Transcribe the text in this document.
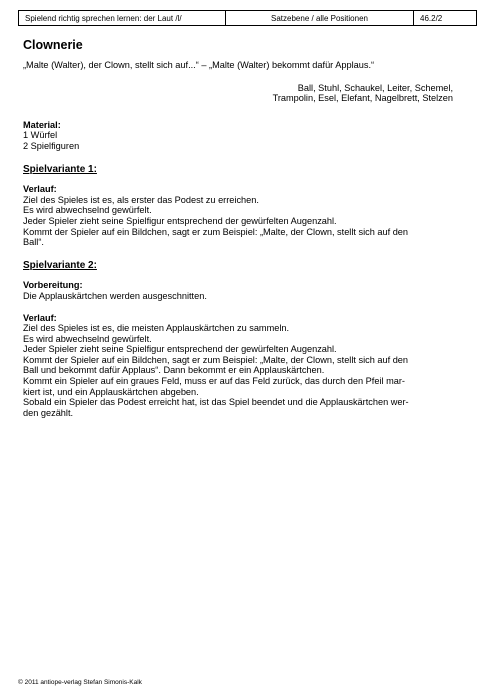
Spielend richtig sprechen lernen: der Laut /l/	Satzebene / alle Positionen	46.2/2
Clownerie

„Malte (Walter), der Clown, stellt sich auf...“ – „Malte (Walter) bekommt dafür Applaus.“

Ball, Stuhl, Schaukel, Leiter, Schemel,

Trampolin, Esel, Elefant, Nagelbrett, Stelzen

Material:

1 Würfel

2 Spielfiguren

Spielvariante 1:

Verlauf:

Ziel des Spieles ist es, als erster das Podest zu erreichen.

Es wird abwechselnd gewürfelt.

Jeder Spieler zieht seine Spielfigur entsprechend der gewürfelten Augenzahl.

Kommt der Spieler auf ein Bildchen, sagt er zum Beispiel: „Malte, der Clown, stellt sich auf den

Ball“.

Spielvariante 2:

Vorbereitung:

Die Applauskärtchen werden ausgeschnitten.

Verlauf:

Ziel des Spieles ist es, die meisten Applauskärtchen zu sammeln.

Es wird abwechselnd gewürfelt.

Jeder Spieler zieht seine Spielfigur entsprechend der gewürfelten Augenzahl.

Kommt der Spieler auf ein Bildchen, sagt er zum Beispiel: „Malte, der Clown, stellt sich auf den

Ball und bekommt dafür Applaus“. Dann bekommt er ein Applauskärtchen.

Kommt ein Spieler auf ein graues Feld, muss er auf das Feld zurück, das durch den Pfeil mar-

kiert ist, und ein Applauskärtchen abgeben.

Sobald ein Spieler das Podest erreicht hat, ist das Spiel beendet und die Applauskärtchen wer-

den gezählt.

© 2011 antiope-verlag Stefan Simonis-Kalk
